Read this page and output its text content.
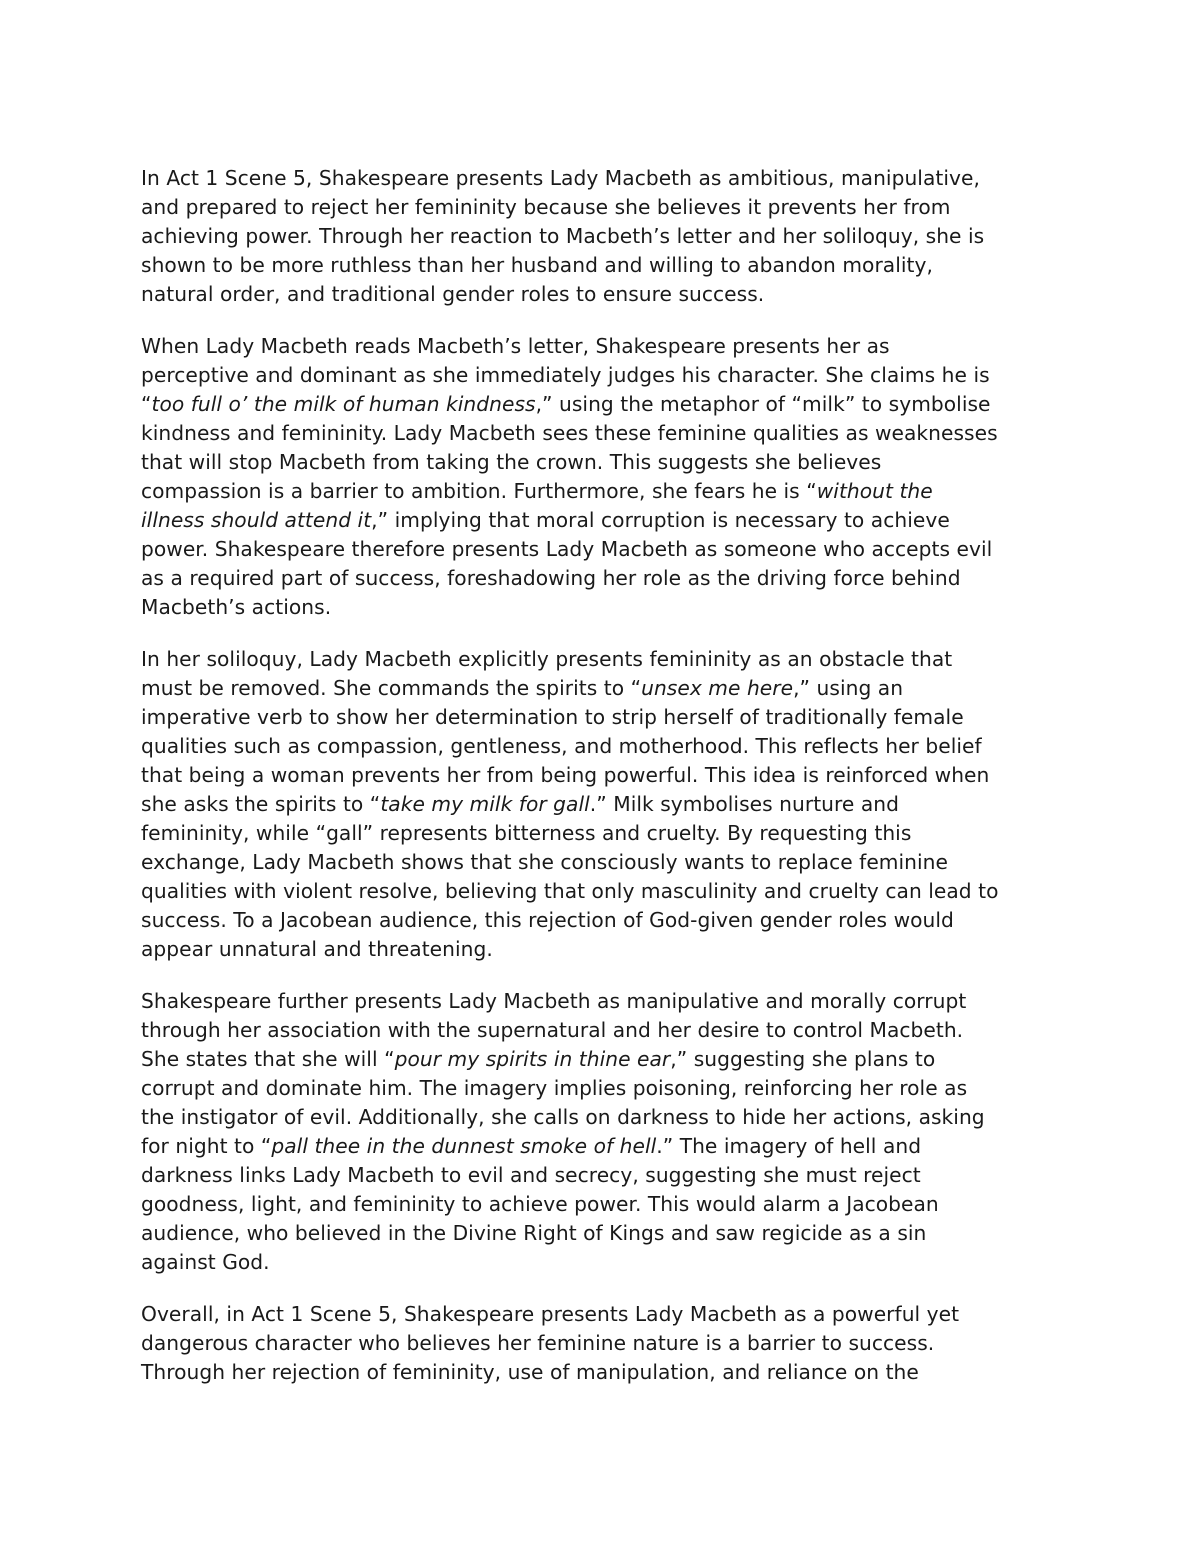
In Act 1 Scene 5, Shakespeare presents Lady Macbeth as ambitious, manipulative,
and prepared to reject her femininity because she believes it prevents her from
achieving power. Through her reaction to Macbeth’s letter and her soliloquy, she is
shown to be more ruthless than her husband and willing to abandon morality,
natural order, and traditional gender roles to ensure success.
When Lady Macbeth reads Macbeth’s letter, Shakespeare presents her as
perceptive and dominant as she immediately judges his character. She claims he is
“too full o’ the milk of human kindness,” using the metaphor of “milk” to symbolise
kindness and femininity. Lady Macbeth sees these feminine qualities as weaknesses
that will stop Macbeth from taking the crown. This suggests she believes
compassion is a barrier to ambition. Furthermore, she fears he is “without the
illness should attend it,” implying that moral corruption is necessary to achieve
power. Shakespeare therefore presents Lady Macbeth as someone who accepts evil
as a required part of success, foreshadowing her role as the driving force behind
Macbeth’s actions.
In her soliloquy, Lady Macbeth explicitly presents femininity as an obstacle that
must be removed. She commands the spirits to “unsex me here,” using an
imperative verb to show her determination to strip herself of traditionally female
qualities such as compassion, gentleness, and motherhood. This reflects her belief
that being a woman prevents her from being powerful. This idea is reinforced when
she asks the spirits to “take my milk for gall.” Milk symbolises nurture and
femininity, while “gall” represents bitterness and cruelty. By requesting this
exchange, Lady Macbeth shows that she consciously wants to replace feminine
qualities with violent resolve, believing that only masculinity and cruelty can lead to
success. To a Jacobean audience, this rejection of God-given gender roles would
appear unnatural and threatening.
Shakespeare further presents Lady Macbeth as manipulative and morally corrupt
through her association with the supernatural and her desire to control Macbeth.
She states that she will “pour my spirits in thine ear,” suggesting she plans to
corrupt and dominate him. The imagery implies poisoning, reinforcing her role as
the instigator of evil. Additionally, she calls on darkness to hide her actions, asking
for night to “pall thee in the dunnest smoke of hell.” The imagery of hell and
darkness links Lady Macbeth to evil and secrecy, suggesting she must reject
goodness, light, and femininity to achieve power. This would alarm a Jacobean
audience, who believed in the Divine Right of Kings and saw regicide as a sin
against God.
Overall, in Act 1 Scene 5, Shakespeare presents Lady Macbeth as a powerful yet
dangerous character who believes her feminine nature is a barrier to success.
Through her rejection of femininity, use of manipulation, and reliance on the
